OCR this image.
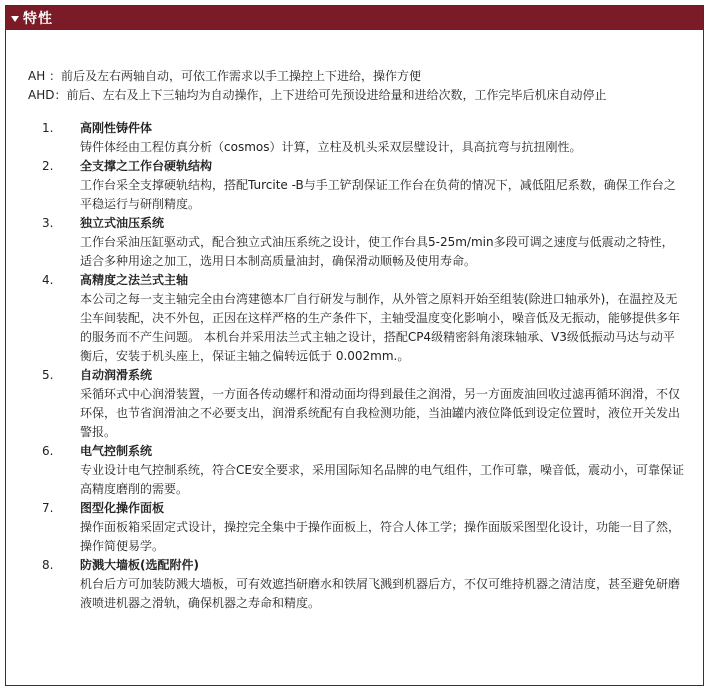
特性

AH ：前后及左右两轴自动，可依工作需求以手工操控上下进给，操作方便

AHD：前后、左右及上下三轴均为自动操作，上下进给可先预设进给量和进给次数，工作完毕后机床自动停止

1.	高刚性铸件体

铸件体经由工程仿真分析（cosmos）计算，立柱及机头采双层璧设计，具高抗弯与抗扭刚性。

2.	全支撑之工作台硬轨结构

工作台采全支撑硬轨结构，搭配Turcite -B与手工铲刮保证工作台在负荷的情况下，减低阻尼系数，确保工作台之平稳运行与研削精度。

3.	独立式油压系统

工作台采油压缸驱动式，配合独立式油压系统之设计，使工作台具5-25m/min多段可调之速度与低震动之特性，适合多种用途之加工，选用日本制高质量油封，确保滑动顺畅及使用寿命。

4.	高精度之法兰式主轴

本公司之每一支主轴完全由台湾建德本厂自行研发与制作，从外管之原料开始至组装(除进口轴承外)，在温控及无尘车间装配，决不外包，正因在这样严格的生产条件下，主轴受温度变化影响小，噪音低及无振动，能够提供多年的服务而不产生问题。 本机台并采用法兰式主轴之设计，搭配CP4级精密斜角滚珠轴承、V3级低振动马达与动平衡后，安装于机头座上，保证主轴之偏转远低于 0.002mm.。

5.	自动润滑系统

采循环式中心润滑装置，一方面各传动螺杆和滑动面均得到最佳之润滑，另一方面废油回收过滤再循环润滑，不仅环保，也节省润滑油之不必要支出，润滑系统配有自我检测功能，当油罐内液位降低到设定位置时，液位开关发出警报。

6.	电气控制系统

专业设计电气控制系统，符合CE安全要求，采用国际知名品牌的电气组件，工作可靠，噪音低，震动小，可靠保证高精度磨削的需要。

7.	图型化操作面板

操作面板箱采固定式设计，操控完全集中于操作面板上，符合人体工学；操作面版采图型化设计，功能一目了然，操作简便易学。

8.	防溅大墙板(选配附件)

机台后方可加装防溅大墙板，可有效遮挡研磨水和铁屑飞溅到机器后方，不仅可维持机器之清洁度，甚至避免研磨液喷进机器之滑轨，确保机器之寿命和精度。
